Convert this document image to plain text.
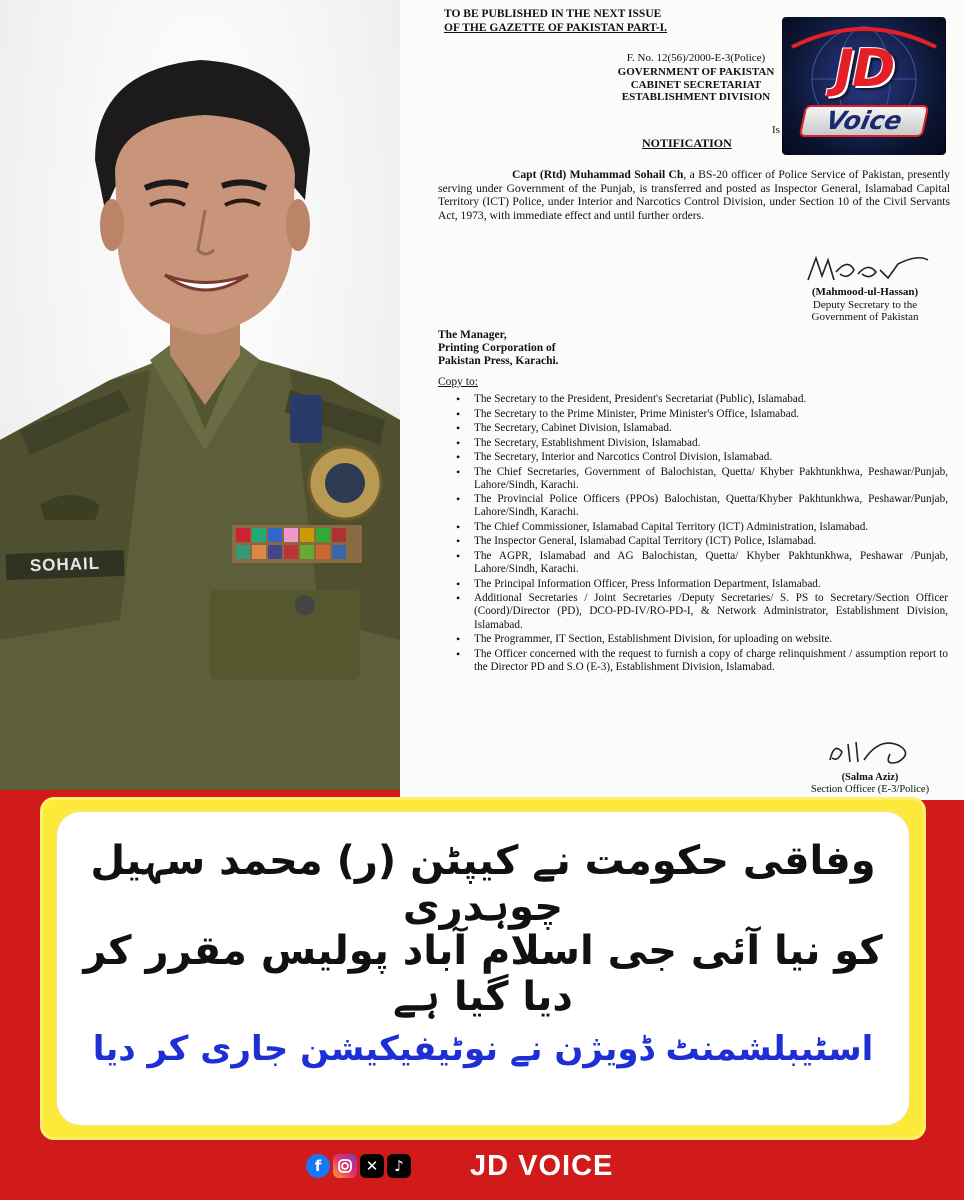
SOHAIL
TO BE PUBLISHED IN THE NEXT ISSUE
OF THE GAZETTE OF PAKISTAN PART-I.
F. No. 12(56)/2000-E-3(Police)
GOVERNMENT OF PAKISTAN
CABINET SECRETARIAT
ESTABLISHMENT DIVISION
Is
NOTIFICATION
Capt (Rtd) Muhammad Sohail Ch, a BS-20 officer of Police Service of Pakistan, presently serving under Government of the Punjab, is transferred and posted as Inspector General, Islamabad Capital Territory (ICT) Police, under Interior and Narcotics Control Division, under Section 10 of the Civil Servants Act, 1973, with immediate effect and until further orders.
(Mahmood-ul-Hassan)
Deputy Secretary to the
Government of Pakistan
The Manager,
Printing Corporation of
Pakistan Press, Karachi.
Copy to:
• The Secretary to the President, President's Secretariat (Public), Islamabad.
• The Secretary to the Prime Minister, Prime Minister's Office, Islamabad.
• The Secretary, Cabinet Division, Islamabad.
• The Secretary, Establishment Division, Islamabad.
• The Secretary, Interior and Narcotics Control Division, Islamabad.
• The Chief Secretaries, Government of Balochistan, Quetta/ Khyber Pakhtunkhwa, Peshawar/Punjab, Lahore/Sindh, Karachi.
• The Provincial Police Officers (PPOs) Balochistan, Quetta/Khyber Pakhtunkhwa, Peshawar/Punjab, Lahore/Sindh, Karachi.
• The Chief Commissioner, Islamabad Capital Territory (ICT) Administration, Islamabad.
• The Inspector General, Islamabad Capital Territory (ICT) Police, Islamabad.
• The AGPR, Islamabad and AG Balochistan, Quetta/ Khyber Pakhtunkhwa, Peshawar /Punjab, Lahore/Sindh, Karachi.
• The Principal Information Officer, Press Information Department, Islamabad.
• Additional Secretaries / Joint Secretaries /Deputy Secretaries/ S. PS to Secretary/Section Officer (Coord)/Director (PD), DCO-PD-IV/RO-PD-I, & Network Administrator, Establishment Division, Islamabad.
• The Programmer, IT Section, Establishment Division, for uploading on website.
• The Officer concerned with the request to furnish a copy of charge relinquishment / assumption report to the Director PD and S.O (E-3), Establishment Division, Islamabad.
(Salma Aziz)
Section Officer (E-3/Police)
JD
Voice
وفاقی حکومت نے کیپٹن (ر) محمد سہیل چوہدری
کو نیا آئی جی اسلام آباد پولیس مقرر کر دیا گیا ہے
اسٹیبلشمنٹ ڈویژن نے نوٹیفیکیشن جاری کر دیا
f	✕	♪ JD VOICE
